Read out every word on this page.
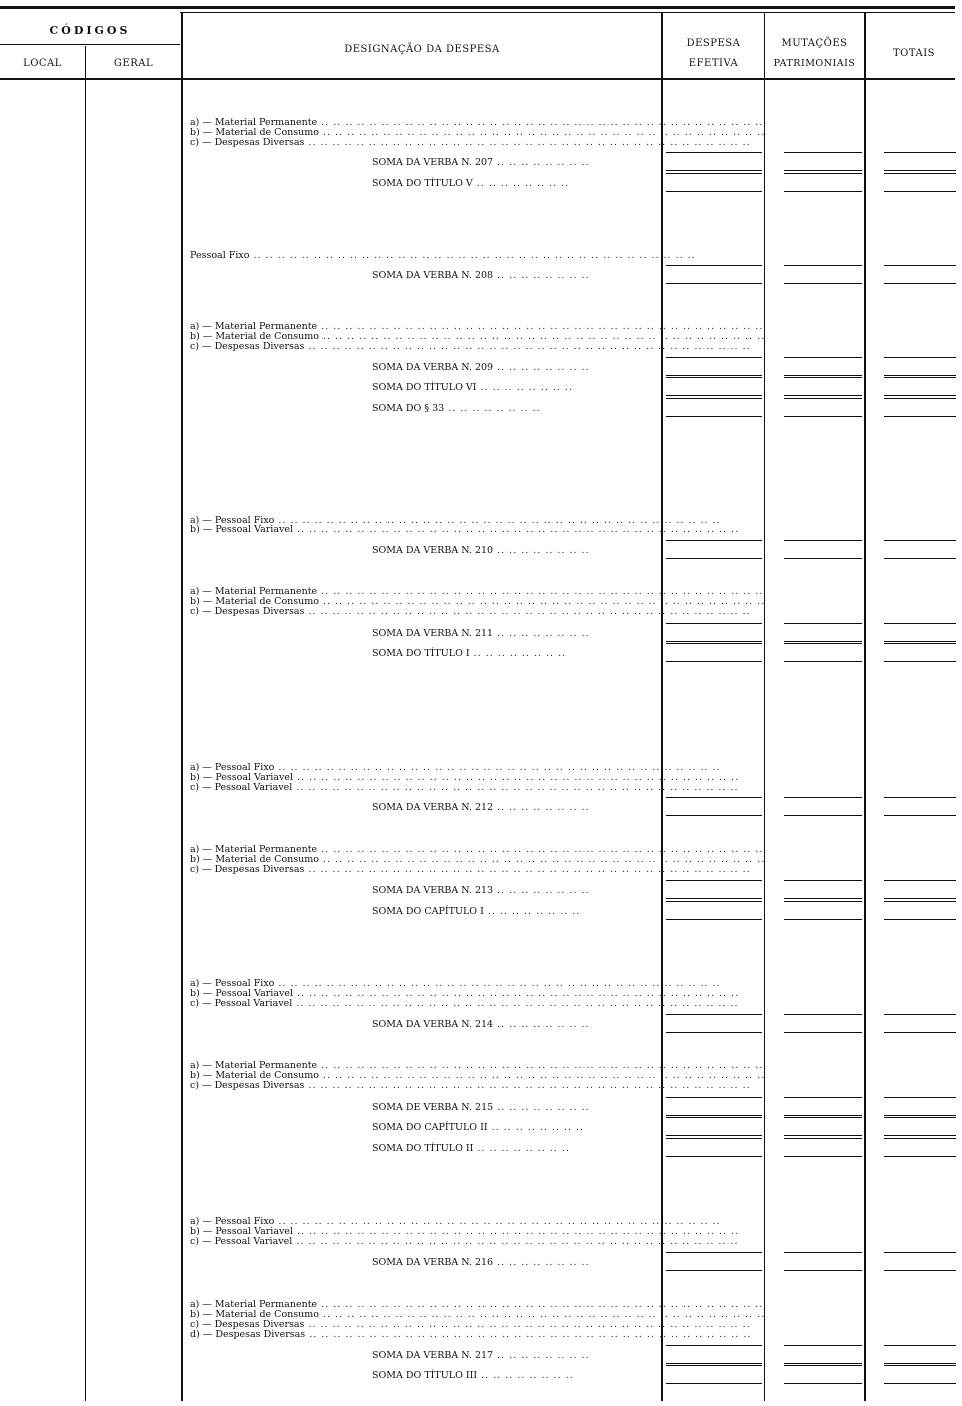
CÓDIGOS
LOCAL	GERAL
DESIGNAÇÃO DA DESPESA
DESPESA
EFETIVA
MUTAÇÕES
PATRIMONIAIS
TOTAIS
a) — Material Permanente .. .. .. .. .. .. .. .. .. .. .. .. .. .. .. .. .. .. .. .. .. .. .. .. .. .. .. .. .. .. .. .. .. .. .. .. ..
b) — Material de Consumo .. .. .. .. .. .. .. .. .. .. .. .. .. .. .. .. .. .. .. .. .. .. .. .. .. .. .. .. .. .. .. .. .. .. .. .. ..
c) — Despesas Diversas .. .. .. .. .. .. .. .. .. .. .. .. .. .. .. .. .. .. .. .. .. .. .. .. .. .. .. .. .. .. .. .. .. .. .. .. ..
SOMA DA VERBA N. 207 .. .. .. .. .. .. .. ..
SOMA DO TÍTULO V .. .. .. .. .. .. .. ..
Pessoal Fixo .. .. .. .. .. .. .. .. .. .. .. .. .. .. .. .. .. .. .. .. .. .. .. .. .. .. .. .. .. .. .. .. .. .. .. .. ..
SOMA DA VERBA N. 208 .. .. .. .. .. .. .. ..
a) — Material Permanente .. .. .. .. .. .. .. .. .. .. .. .. .. .. .. .. .. .. .. .. .. .. .. .. .. .. .. .. .. .. .. .. .. .. .. .. ..
b) — Material de Consumo .. .. .. .. .. .. .. .. .. .. .. .. .. .. .. .. .. .. .. .. .. .. .. .. .. .. .. .. .. .. .. .. .. .. .. .. ..
c) — Despesas Diversas .. .. .. .. .. .. .. .. .. .. .. .. .. .. .. .. .. .. .. .. .. .. .. .. .. .. .. .. .. .. .. .. .. .. .. .. ..
SOMA DA VERBA N. 209 .. .. .. .. .. .. .. ..
SOMA DO TÍTULO VI .. .. .. .. .. .. .. ..
SOMA DO § 33 .. .. .. .. .. .. .. ..
a) — Pessoal Fixo .. .. .. .. .. .. .. .. .. .. .. .. .. .. .. .. .. .. .. .. .. .. .. .. .. .. .. .. .. .. .. .. .. .. .. .. ..
b) — Pessoal Variavel .. .. .. .. .. .. .. .. .. .. .. .. .. .. .. .. .. .. .. .. .. .. .. .. .. .. .. .. .. .. .. .. .. .. .. .. ..
SOMA DA VERBA N. 210 .. .. .. .. .. .. .. ..
a) — Material Permanente .. .. .. .. .. .. .. .. .. .. .. .. .. .. .. .. .. .. .. .. .. .. .. .. .. .. .. .. .. .. .. .. .. .. .. .. ..
b) — Material de Consumo .. .. .. .. .. .. .. .. .. .. .. .. .. .. .. .. .. .. .. .. .. .. .. .. .. .. .. .. .. .. .. .. .. .. .. .. ..
c) — Despesas Diversas .. .. .. .. .. .. .. .. .. .. .. .. .. .. .. .. .. .. .. .. .. .. .. .. .. .. .. .. .. .. .. .. .. .. .. .. ..
SOMA DA VERBA N. 211 .. .. .. .. .. .. .. ..
SOMA DO TÍTULO I .. .. .. .. .. .. .. ..
a) — Pessoal Fixo .. .. .. .. .. .. .. .. .. .. .. .. .. .. .. .. .. .. .. .. .. .. .. .. .. .. .. .. .. .. .. .. .. .. .. .. ..
b) — Pessoal Variavel .. .. .. .. .. .. .. .. .. .. .. .. .. .. .. .. .. .. .. .. .. .. .. .. .. .. .. .. .. .. .. .. .. .. .. .. ..
c) — Pessoal Variavel .. .. .. .. .. .. .. .. .. .. .. .. .. .. .. .. .. .. .. .. .. .. .. .. .. .. .. .. .. .. .. .. .. .. .. .. ..
SOMA DA VERBA N. 212 .. .. .. .. .. .. .. ..
a) — Material Permanente .. .. .. .. .. .. .. .. .. .. .. .. .. .. .. .. .. .. .. .. .. .. .. .. .. .. .. .. .. .. .. .. .. .. .. .. ..
b) — Material de Consumo .. .. .. .. .. .. .. .. .. .. .. .. .. .. .. .. .. .. .. .. .. .. .. .. .. .. .. .. .. .. .. .. .. .. .. .. ..
c) — Despesas Diversas .. .. .. .. .. .. .. .. .. .. .. .. .. .. .. .. .. .. .. .. .. .. .. .. .. .. .. .. .. .. .. .. .. .. .. .. ..
SOMA DA VERBA N. 213 .. .. .. .. .. .. .. ..
SOMA DO CAPÍTULO I .. .. .. .. .. .. .. ..
a) — Pessoal Fixo .. .. .. .. .. .. .. .. .. .. .. .. .. .. .. .. .. .. .. .. .. .. .. .. .. .. .. .. .. .. .. .. .. .. .. .. ..
b) — Pessoal Variavel .. .. .. .. .. .. .. .. .. .. .. .. .. .. .. .. .. .. .. .. .. .. .. .. .. .. .. .. .. .. .. .. .. .. .. .. ..
c) — Pessoal Variavel .. .. .. .. .. .. .. .. .. .. .. .. .. .. .. .. .. .. .. .. .. .. .. .. .. .. .. .. .. .. .. .. .. .. .. .. ..
SOMA DA VERBA N. 214 .. .. .. .. .. .. .. ..
a) — Material Permanente .. .. .. .. .. .. .. .. .. .. .. .. .. .. .. .. .. .. .. .. .. .. .. .. .. .. .. .. .. .. .. .. .. .. .. .. ..
b) — Material de Consumo .. .. .. .. .. .. .. .. .. .. .. .. .. .. .. .. .. .. .. .. .. .. .. .. .. .. .. .. .. .. .. .. .. .. .. .. ..
c) — Despesas Diversas .. .. .. .. .. .. .. .. .. .. .. .. .. .. .. .. .. .. .. .. .. .. .. .. .. .. .. .. .. .. .. .. .. .. .. .. ..
SOMA DE VERBA N. 215 .. .. .. .. .. .. .. ..
SOMA DO CAPÍTULO II .. .. .. .. .. .. .. ..
SOMA DO TÍTULO II .. .. .. .. .. .. .. ..
a) — Pessoal Fixo .. .. .. .. .. .. .. .. .. .. .. .. .. .. .. .. .. .. .. .. .. .. .. .. .. .. .. .. .. .. .. .. .. .. .. .. ..
b) — Pessoal Variavel .. .. .. .. .. .. .. .. .. .. .. .. .. .. .. .. .. .. .. .. .. .. .. .. .. .. .. .. .. .. .. .. .. .. .. .. ..
c) — Pessoal Variavel .. .. .. .. .. .. .. .. .. .. .. .. .. .. .. .. .. .. .. .. .. .. .. .. .. .. .. .. .. .. .. .. .. .. .. .. ..
SOMA DA VERBA N. 216 .. .. .. .. .. .. .. ..
a) — Material Permanente .. .. .. .. .. .. .. .. .. .. .. .. .. .. .. .. .. .. .. .. .. .. .. .. .. .. .. .. .. .. .. .. .. .. .. .. ..
b) — Material de Consumo .. .. .. .. .. .. .. .. .. .. .. .. .. .. .. .. .. .. .. .. .. .. .. .. .. .. .. .. .. .. .. .. .. .. .. .. ..
c) — Despesas Diversas .. .. .. .. .. .. .. .. .. .. .. .. .. .. .. .. .. .. .. .. .. .. .. .. .. .. .. .. .. .. .. .. .. .. .. .. ..
d) — Despesas Diversas .. .. .. .. .. .. .. .. .. .. .. .. .. .. .. .. .. .. .. .. .. .. .. .. .. .. .. .. .. .. .. .. .. .. .. .. ..
SOMA DA VERBA N. 217 .. .. .. .. .. .. .. ..
SOMA DO TÍTULO III .. .. .. .. .. .. .. ..
